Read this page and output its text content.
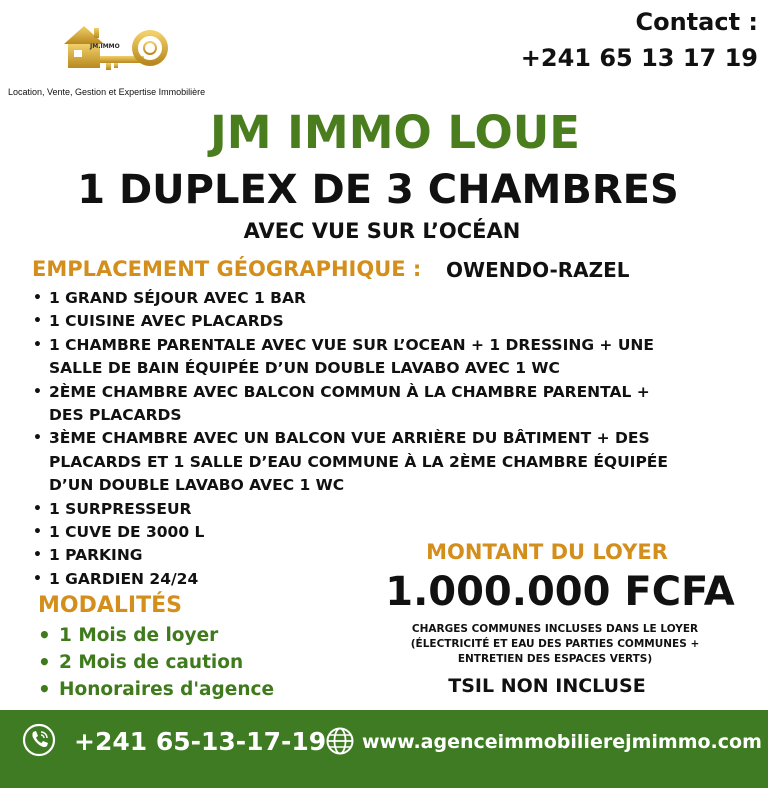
JM.IMMO
Location, Vente, Gestion et Expertise Immobilière
Contact :
+241 65 13 17 19
JM IMMO LOUE
1 DUPLEX DE 3 CHAMBRES
AVEC VUE SUR L’OCÉAN
EMPLACEMENT GÉOGRAPHIQUE : OWENDO-RAZEL
• 1 GRAND SÉJOUR AVEC 1 BAR
• 1 CUISINE AVEC PLACARDS
• 1 CHAMBRE PARENTALE AVEC VUE SUR L’OCEAN + 1 DRESSING + UNE SALLE DE BAIN ÉQUIPÉE D’UN DOUBLE LAVABO AVEC 1 WC
• 2ÈME CHAMBRE AVEC BALCON COMMUN À LA CHAMBRE PARENTAL + DES PLACARDS
• 3ÈME CHAMBRE AVEC UN BALCON VUE ARRIÈRE DU BÂTIMENT + DES PLACARDS ET 1 SALLE D’EAU COMMUNE À LA 2ÈME CHAMBRE ÉQUIPÉE D’UN DOUBLE LAVABO AVEC 1 WC
• 1 SURPRESSEUR
• 1 CUVE DE 3000 L
• 1 PARKING
• 1 GARDIEN 24/24
MODALITÉS
• 1 Mois de loyer
• 2 Mois de caution
• Honoraires d'agence
MONTANT DU LOYER
1.000.000 FCFA
CHARGES COMMUNES INCLUSES DANS LE LOYER
(ÉLECTRICITÉ ET EAU DES PARTIES COMMUNES +
ENTRETIEN DES ESPACES VERTS)
TSIL NON INCLUSE
+241 65-13-17-19 www.agenceimmobilierejmimmo.com
